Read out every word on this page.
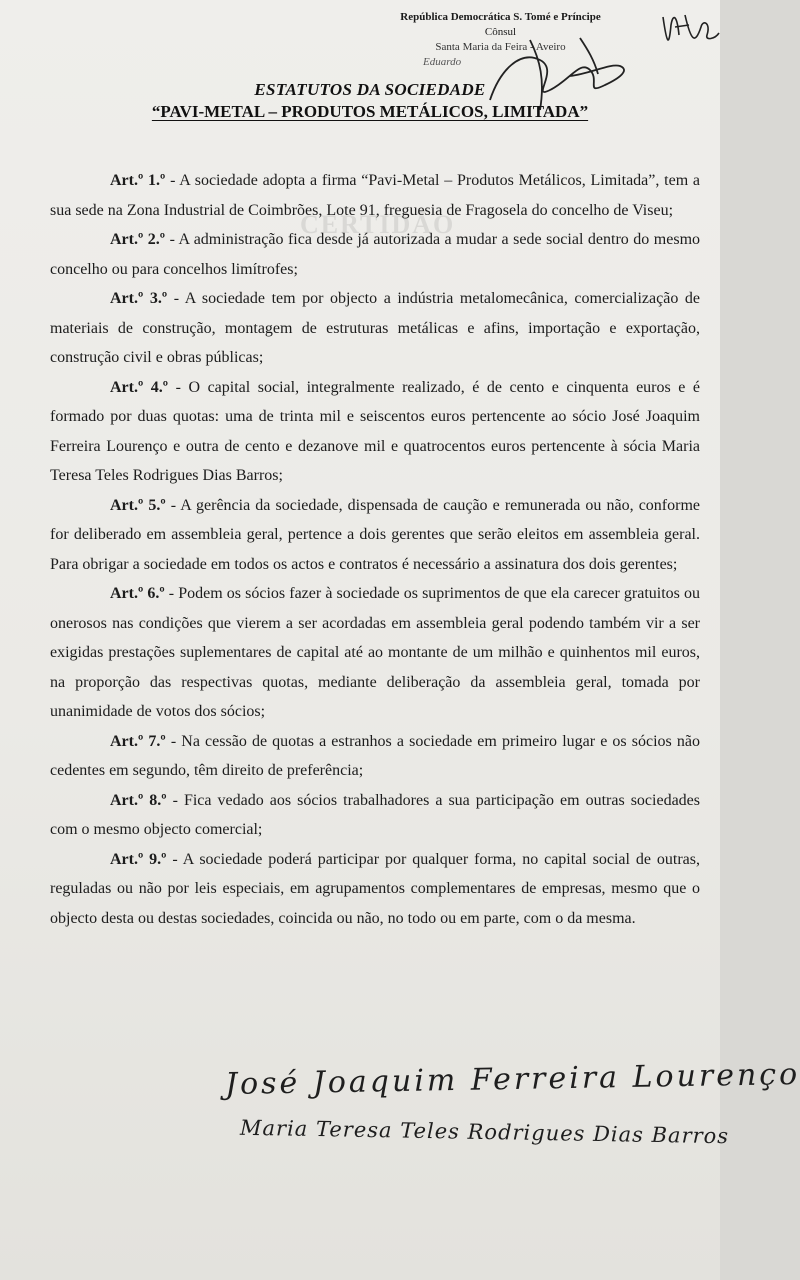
CERTIDÃO
República Democrática S. Tomé e Príncipe
Cônsul
Santa Maria da Feira - Aveiro
Eduardo
ESTATUTOS DA SOCIEDADE
“PAVI-METAL – PRODUTOS METÁLICOS, LIMITADA”

Art.º 1.º - A sociedade adopta a firma “Pavi-Metal – Produtos Metálicos, Limitada”, tem a sua sede na Zona Industrial de Coimbrões, Lote 91, freguesia de Fragosela do concelho de Viseu;

Art.º 2.º - A administração fica desde já autorizada a mudar a sede social dentro do mesmo concelho ou para concelhos limítrofes;

Art.º 3.º - A sociedade tem por objecto a indústria metalomecânica, comercialização de materiais de construção, montagem de estruturas metálicas e afins, importação e exportação, construção civil e obras públicas;

Art.º 4.º - O capital social, integralmente realizado, é de cento e cinquenta euros e é formado por duas quotas: uma de trinta mil e seiscentos euros pertencente ao sócio José Joaquim Ferreira Lourenço e outra de cento e dezanove mil e quatrocentos euros pertencente à sócia Maria Teresa Teles Rodrigues Dias Barros;

Art.º 5.º - A gerência da sociedade, dispensada de caução e remunerada ou não, conforme for deliberado em assembleia geral, pertence a dois gerentes que serão eleitos em assembleia geral. Para obrigar a sociedade em todos os actos e contratos é necessário a assinatura dos dois gerentes;

Art.º 6.º - Podem os sócios fazer à sociedade os suprimentos de que ela carecer gratuitos ou onerosos nas condições que vierem a ser acordadas em assembleia geral podendo também vir a ser exigidas prestações suplementares de capital até ao montante de um milhão e quinhentos mil euros, na proporção das respectivas quotas, mediante deliberação da assembleia geral, tomada por unanimidade de votos dos sócios;

Art.º 7.º - Na cessão de quotas a estranhos a sociedade em primeiro lugar e os sócios não cedentes em segundo, têm direito de preferência;

Art.º 8.º - Fica vedado aos sócios trabalhadores a sua participação em outras sociedades com o mesmo objecto comercial;

Art.º 9.º - A sociedade poderá participar por qualquer forma, no capital social de outras, reguladas ou não por leis especiais, em agrupamentos complementares de empresas, mesmo que o objecto desta ou destas sociedades, coincida ou não, no todo ou em parte, com o da mesma.

José Joaquim Ferreira Lourenço
Maria Teresa Teles Rodrigues Dias Barros
